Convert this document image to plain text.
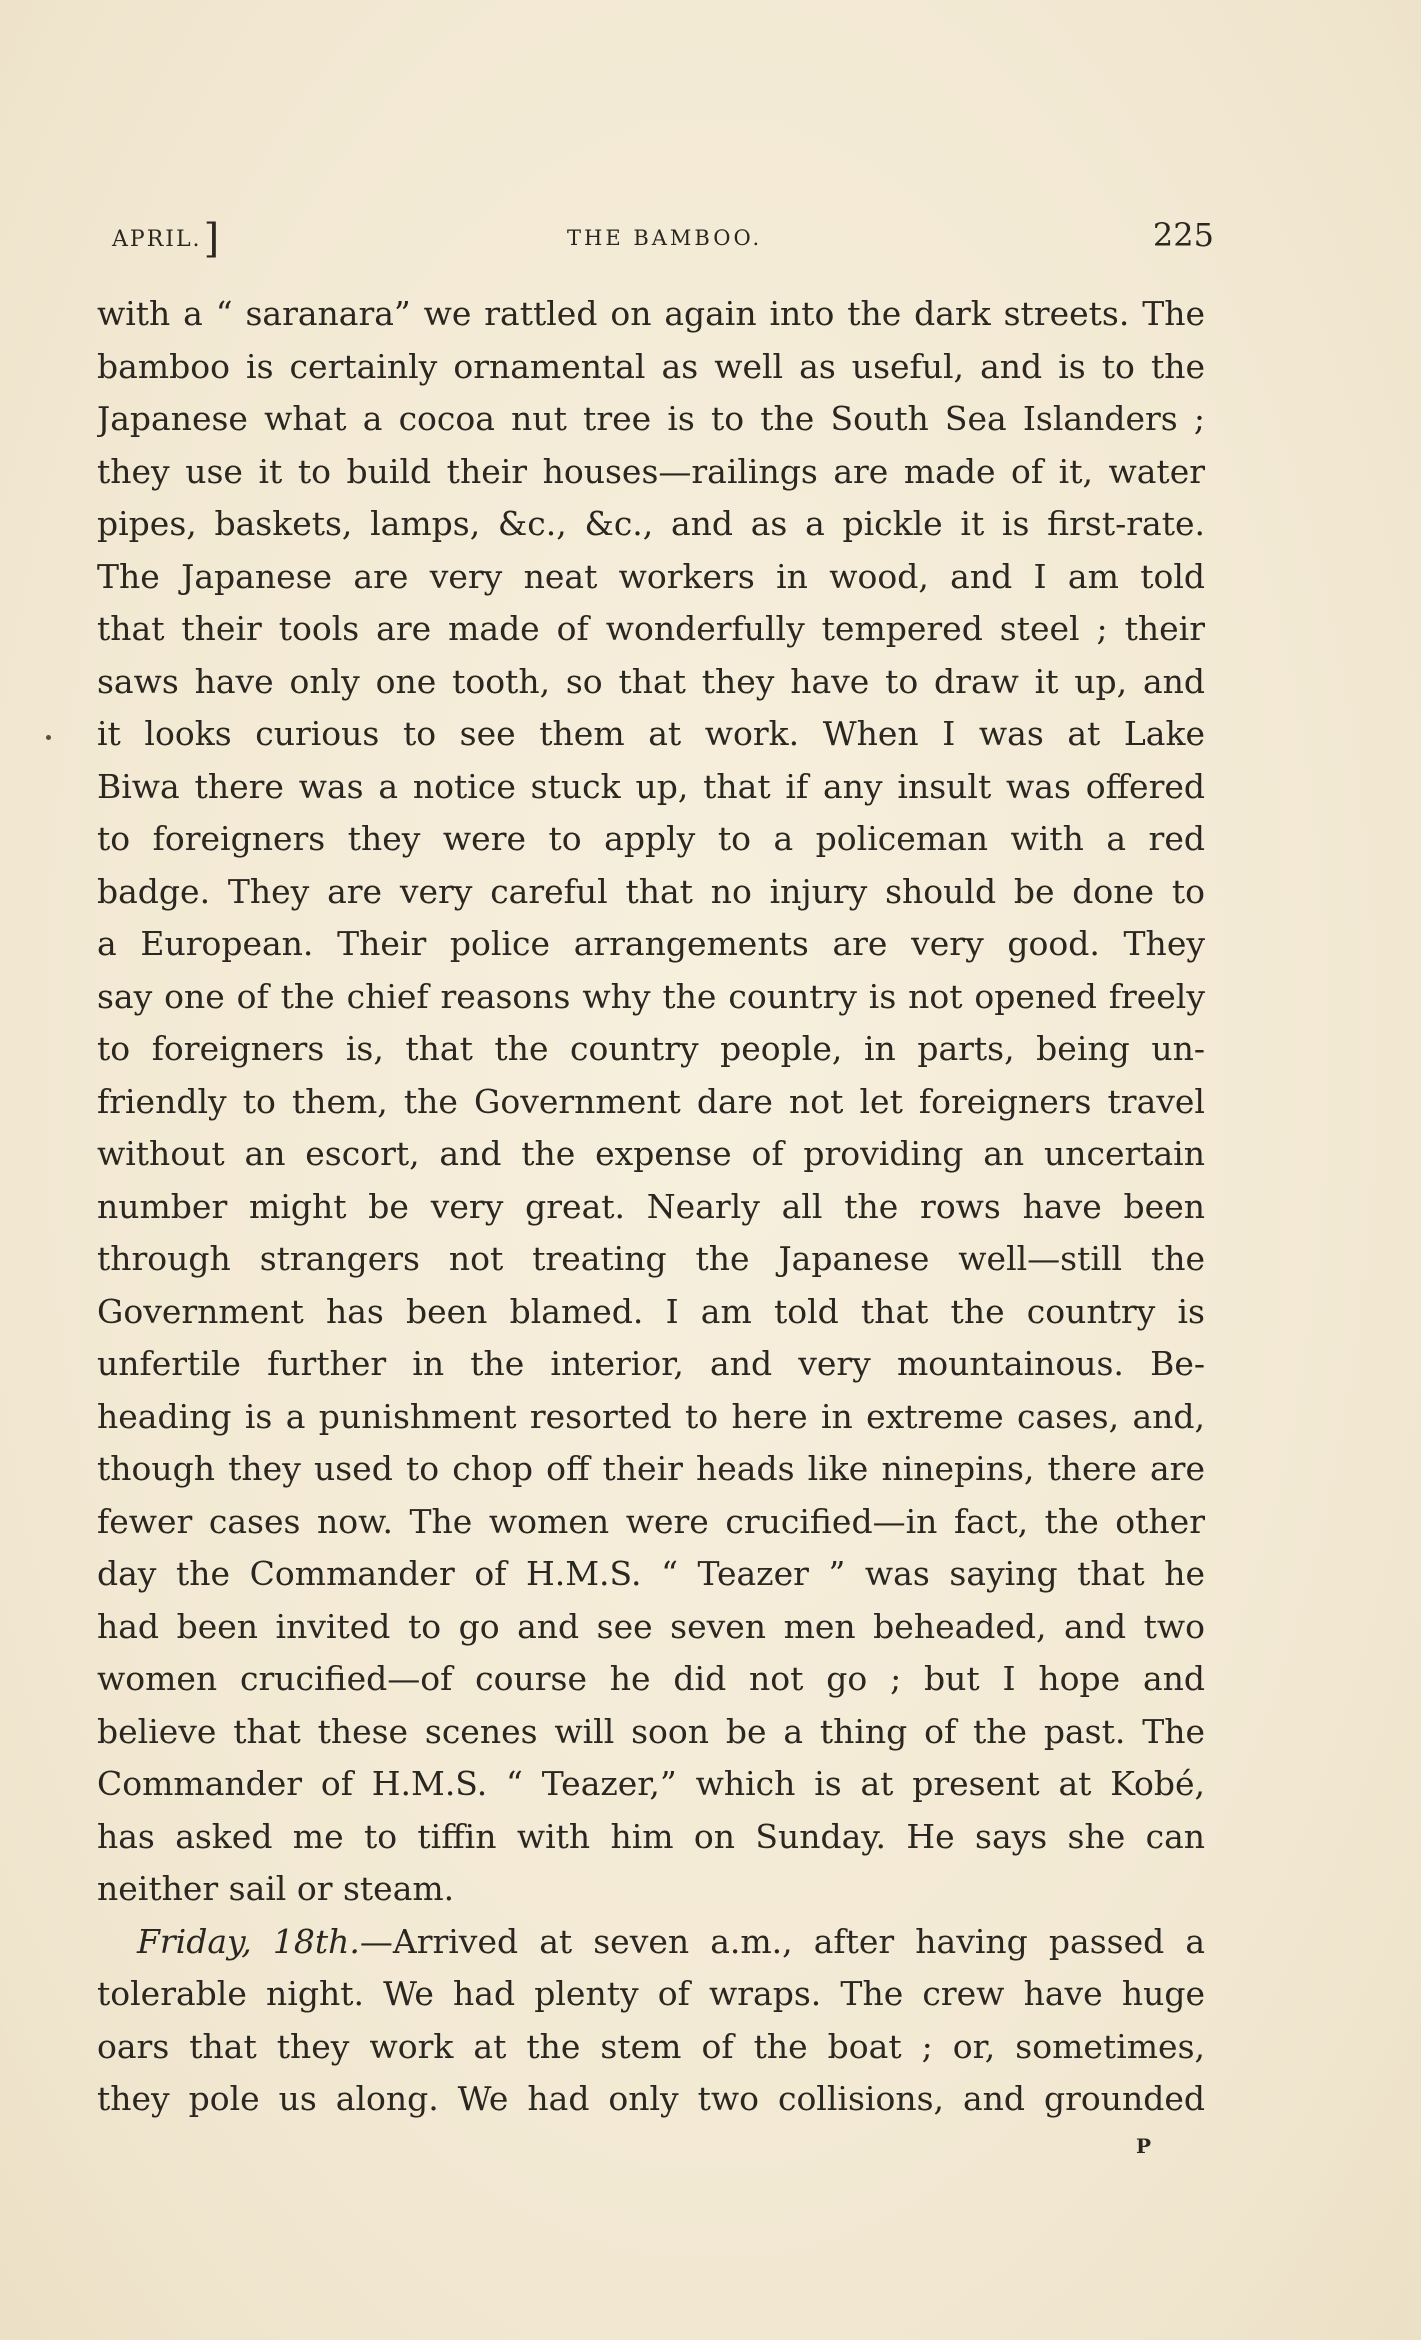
APRIL.]	THE BAMBOO.	225
with a “ saranara” we rattled on again into the dark streets. The
bamboo is certainly ornamental as well as useful, and is to the
Japanese what a cocoa nut tree is to the South Sea Islanders ;
they use it to build their houses—railings are made of it, water
pipes, baskets, lamps, &c., &c., and as a pickle it is first-rate.
The Japanese are very neat workers in wood, and I am told
that their tools are made of wonderfully tempered steel ; their
saws have only one tooth, so that they have to draw it up, and
it looks curious to see them at work. When I was at Lake
Biwa there was a notice stuck up, that if any insult was offered
to foreigners they were to apply to a policeman with a red
badge. They are very careful that no injury should be done to
a European. Their police arrangements are very good. They
say one of the chief reasons why the country is not opened freely
to foreigners is, that the country people, in parts, being un-
friendly to them, the Government dare not let foreigners travel
without an escort, and the expense of providing an uncertain
number might be very great. Nearly all the rows have been
through strangers not treating the Japanese well—still the
Government has been blamed. I am told that the country is
unfertile further in the interior, and very mountainous. Be-
heading is a punishment resorted to here in extreme cases, and,
though they used to chop off their heads like ninepins, there are
fewer cases now. The women were crucified—in fact, the other
day the Commander of H.M.S. “ Teazer ” was saying that he
had been invited to go and see seven men beheaded, and two
women crucified—of course he did not go ; but I hope and
believe that these scenes will soon be a thing of the past. The
Commander of H.M.S. “ Teazer,” which is at present at Kobé,
has asked me to tiffin with him on Sunday. He says she can
neither sail or steam.
Friday, 18th.—Arrived at seven a.m., after having passed a
tolerable night. We had plenty of wraps. The crew have huge
oars that they work at the stem of the boat ; or, sometimes,
they pole us along. We had only two collisions, and grounded
P
